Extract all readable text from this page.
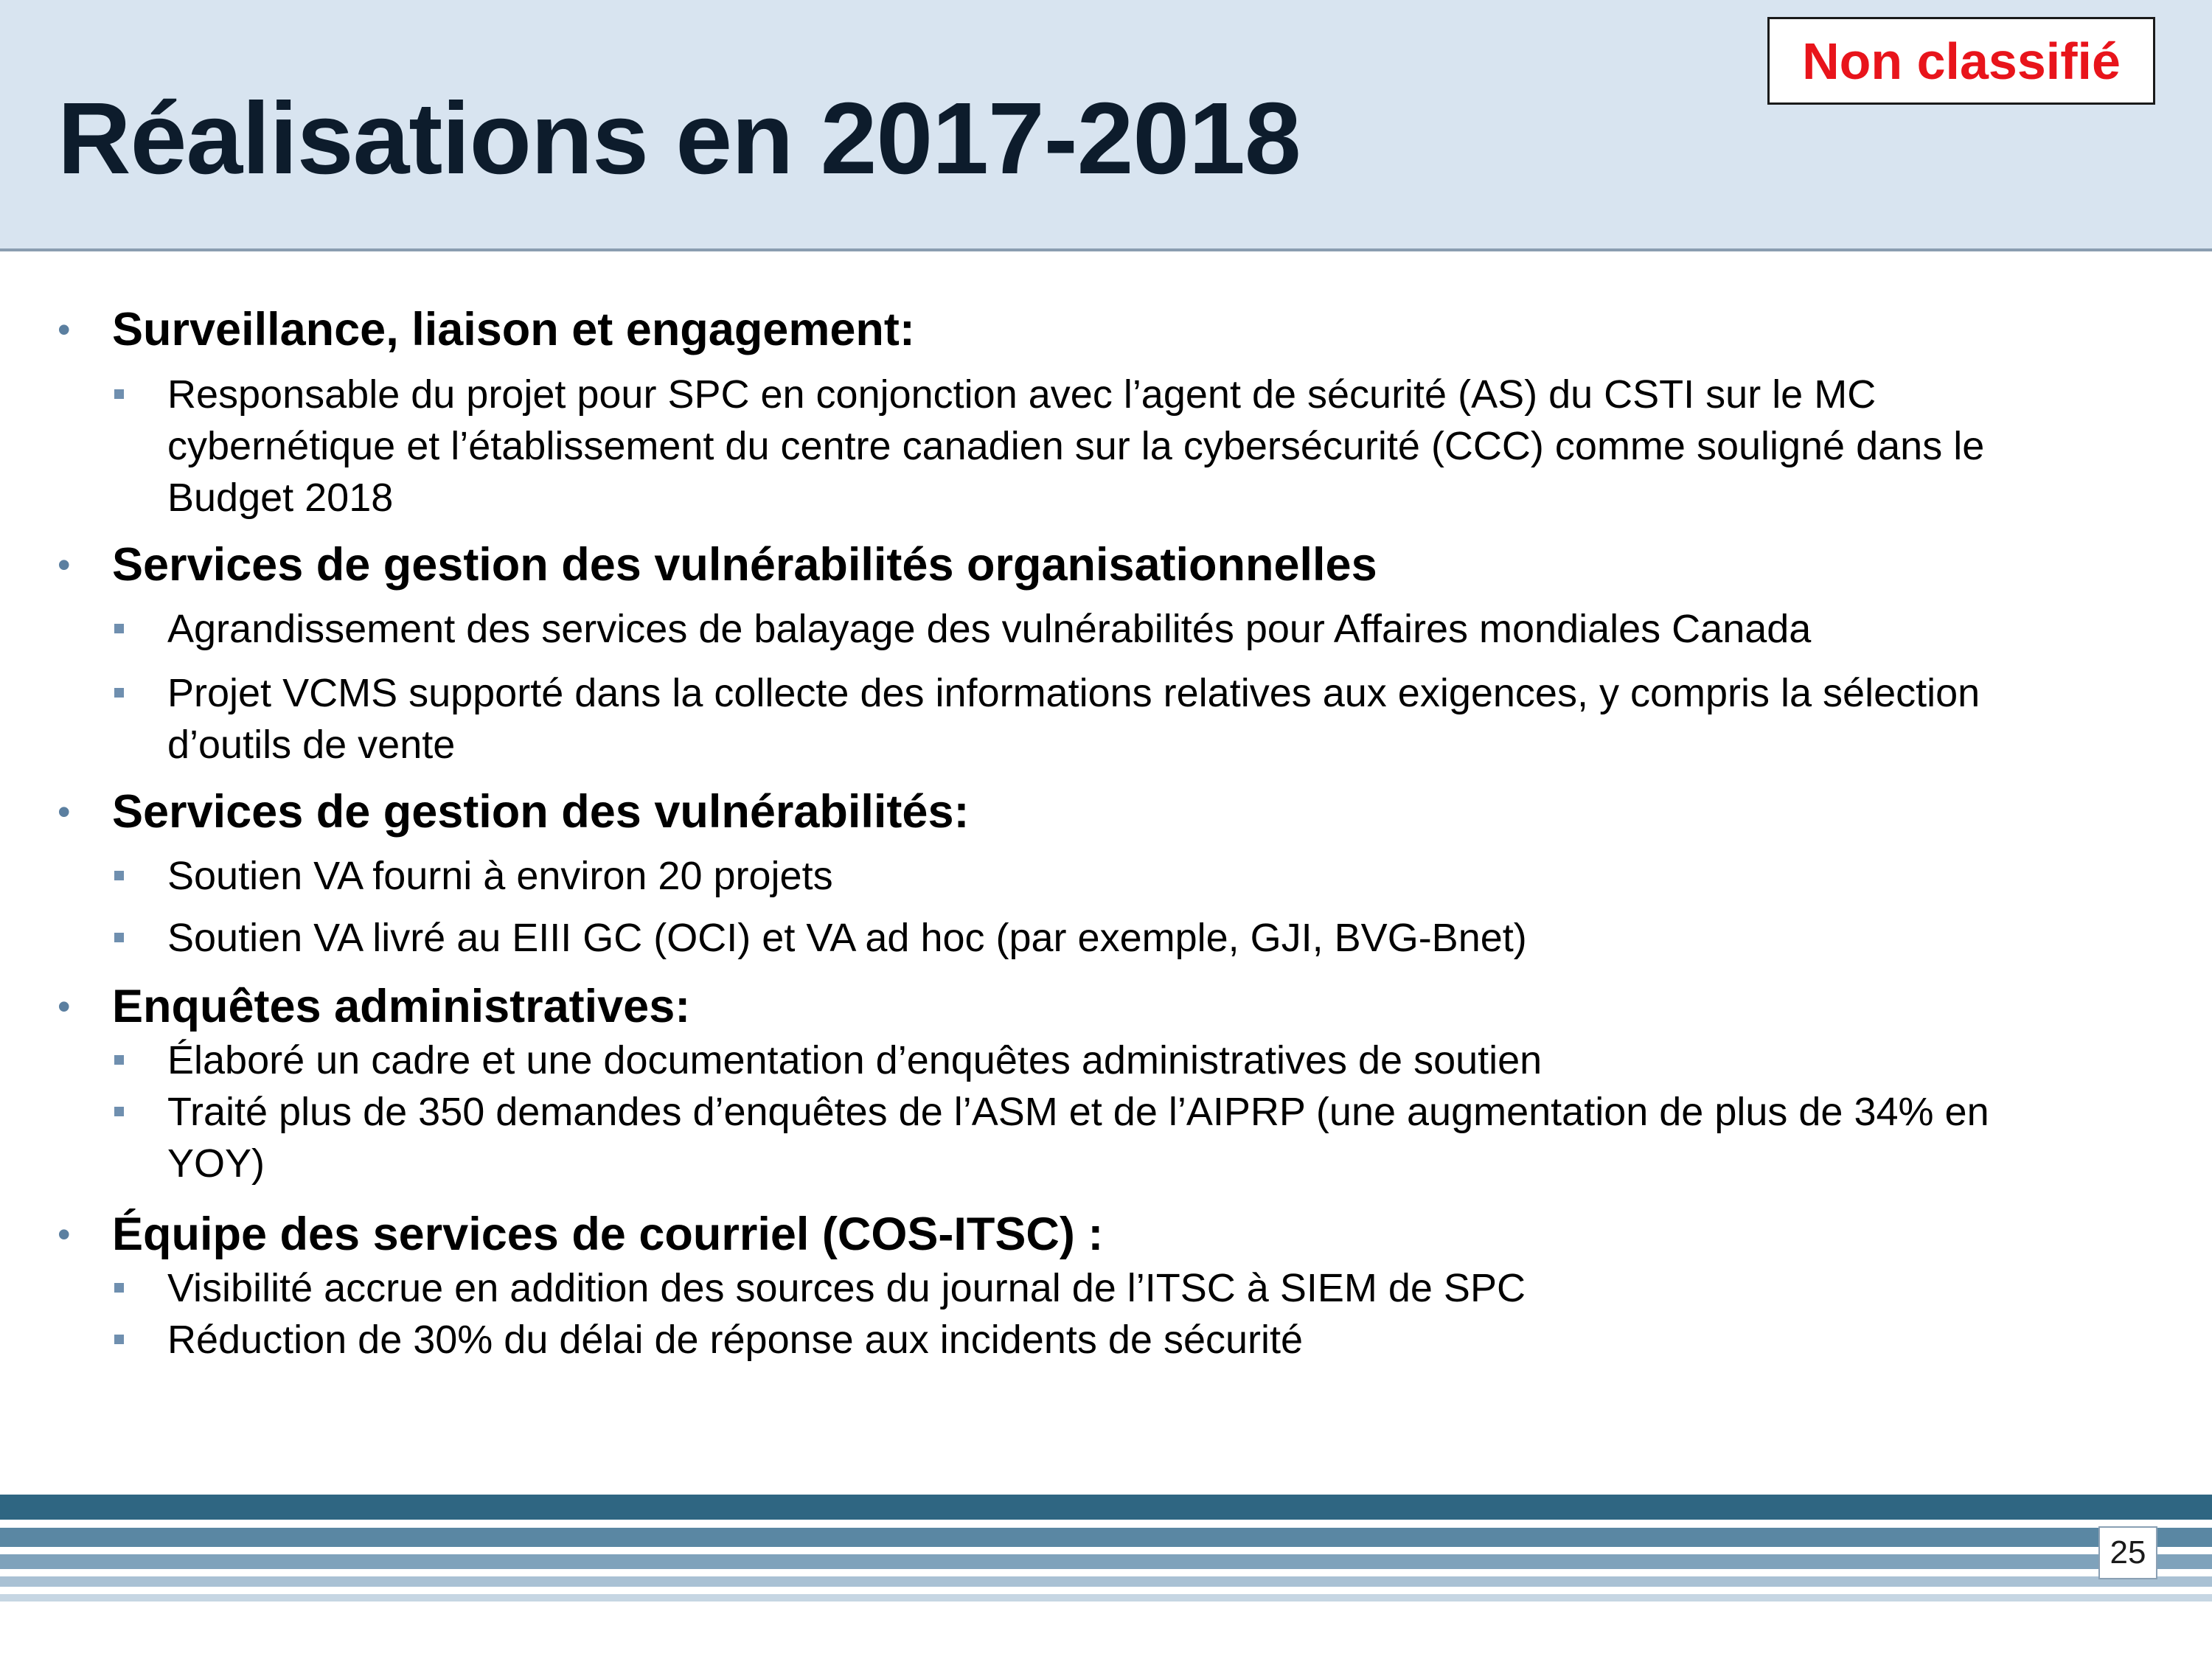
Réalisations en 2017-2018
Non classifié
• Surveillance, liaison et engagement:
Responsable du projet pour SPC en conjonction avec l’agent de sécurité (AS) du CSTI sur le MC
cybernétique et l’établissement du centre canadien sur la cybersécurité (CCC) comme souligné dans le
Budget 2018
• Services de gestion des vulnérabilités organisationnelles
Agrandissement des services de balayage des vulnérabilités pour Affaires mondiales Canada
Projet VCMS supporté dans la collecte des informations relatives aux exigences, y compris la sélection
d’outils de vente
• Services de gestion des vulnérabilités:
Soutien VA fourni à environ 20 projets
Soutien VA livré au EIII GC (OCI) et VA ad hoc (par exemple, GJI, BVG-Bnet)
• Enquêtes administratives:
Élaboré un cadre et une documentation d’enquêtes administratives de soutien
Traité plus de 350 demandes d’enquêtes de l’ASM et de l’AIPRP (une augmentation de plus de 34% en
YOY)
• Équipe des services de courriel (COS-ITSC) :
Visibilité accrue en addition des sources du journal de l’ITSC à SIEM de SPC
Réduction de 30% du délai de réponse aux incidents de sécurité
25
